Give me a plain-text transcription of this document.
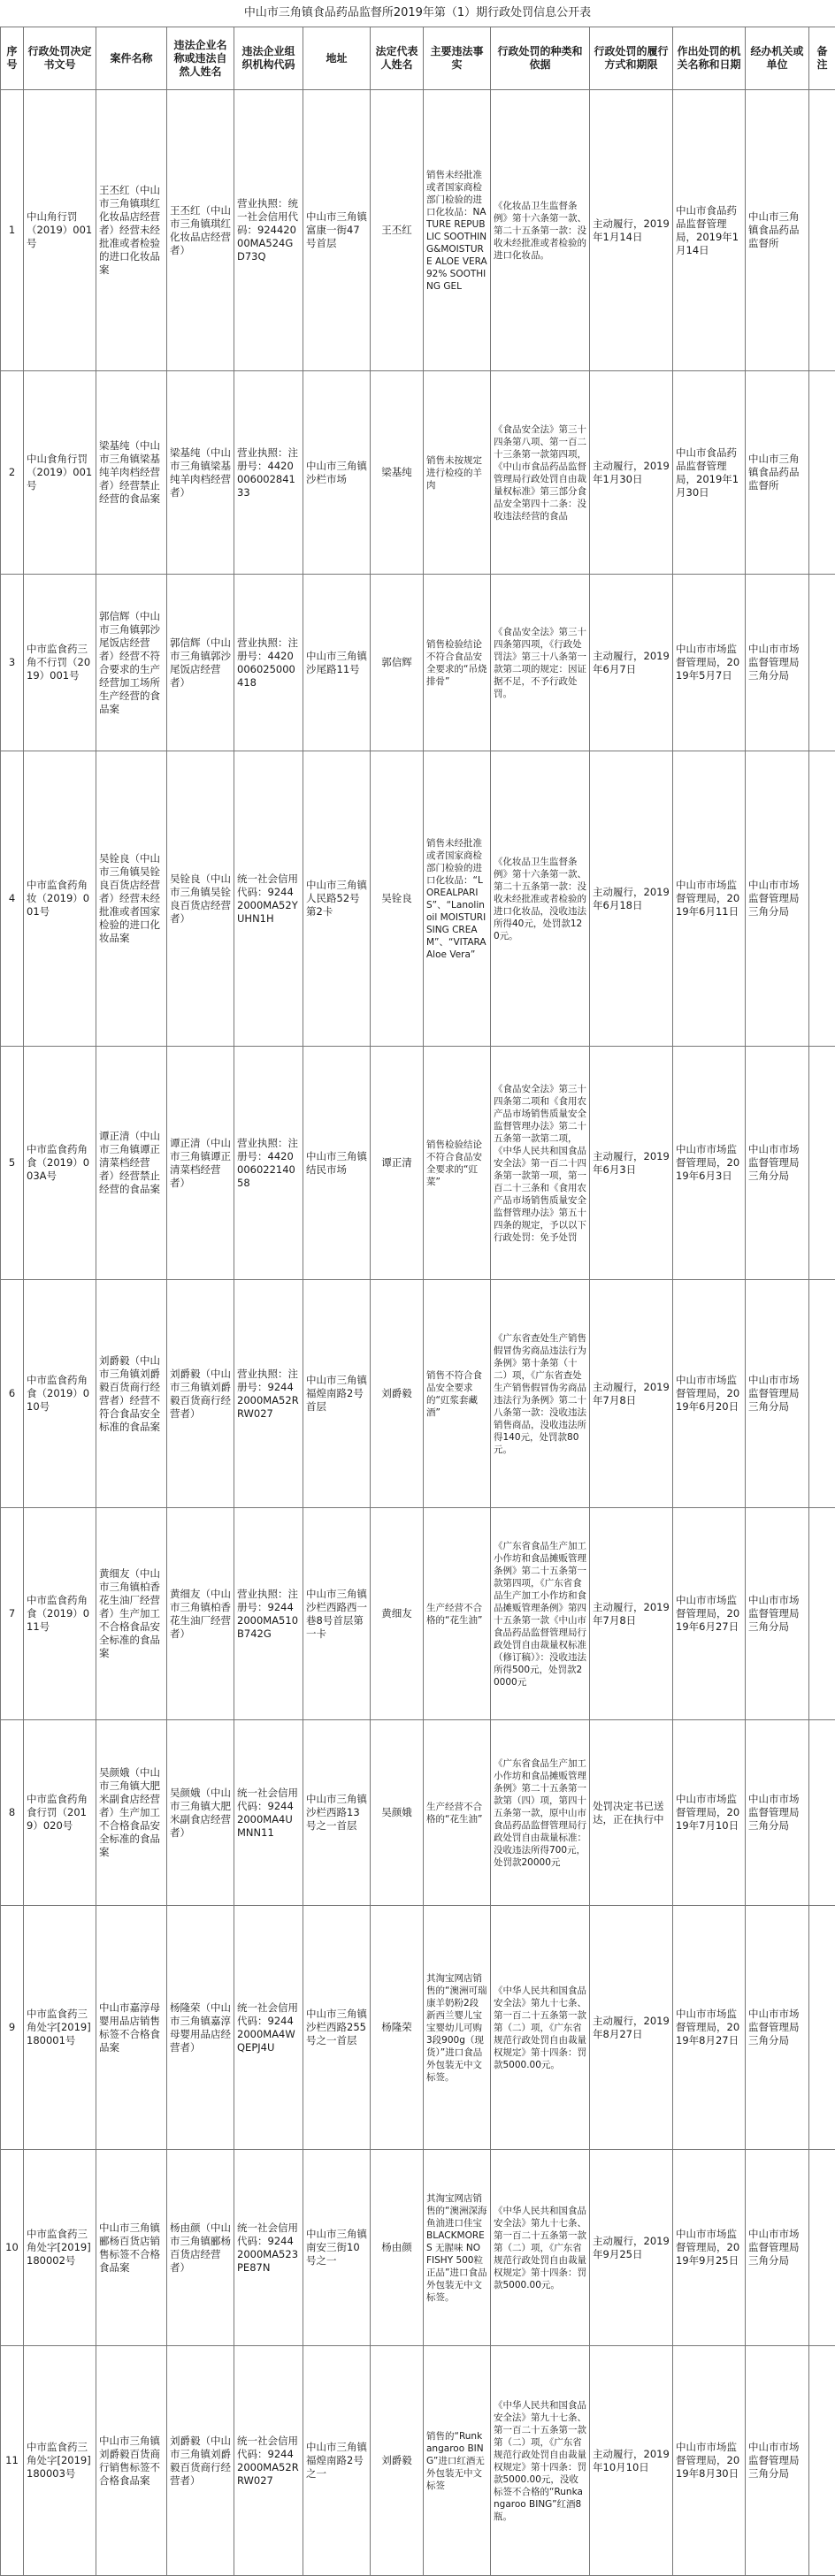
中山市三角镇食品药品监督所2019年第（1）期行政处罚信息公开表
序号	行政处罚决定书文号	案件名称	违法企业名称或违法自然人姓名	违法企业组织机构代码	地址	法定代表人姓名	主要违法事实	行政处罚的种类和依据	行政处罚的履行方式和期限	作出处罚的机关名称和日期	经办机关或单位	备注
1	中山角行罚（2019）001号	王丕红（中山市三角镇琪红化妆品店经营者）经营未经批准或者检验的进口化妆品案	王丕红（中山市三角镇琪红化妆品店经营者）	营业执照：统一社会信用代码：92442000MA524GD73Q	中山市三角镇富康一街47号首层	王丕红	销售未经批准或者国家商检部门检验的进口化妆品：NATURE REPUBLIC SOOTHING&MOISTURE ALOE VERA 92% SOOTHING GEL	《化妆品卫生监督条例》第十六条第一款、第二十五条第一款：没收未经批准或者检验的进口化妆品。	主动履行，2019年1月14日	中山市食品药品监督管理局，2019年1月14日	中山市三角镇食品药品监督所	
2	中山食角行罚（2019）001号	梁基纯（中山市三角镇梁基纯羊肉档经营者）经营禁止经营的食品案	梁基纯（中山市三角镇梁基纯羊肉档经营者）	营业执照：注册号：442000600284133	中山市三角镇沙栏市场	梁基纯	销售未按规定进行检疫的羊肉	《食品安全法》第三十四条第八项、第一百二十三条第一款第四项，《中山市食品药品监督管理局行政处罚自由裁量权标准》第三部分食品安全第四十二条：没收违法经营的食品	主动履行，2019年1月30日	中山市食品药品监督管理局，2019年1月30日	中山市三角镇食品药品监督所	
3	中市监食药三角不行罚（2019）001号	郭信辉（中山市三角镇郭沙尾饭店经营者）经营不符合要求的生产经营加工场所生产经营的食品案	郭信辉（中山市三角镇郭沙尾饭店经营者）	营业执照：注册号：4420006025000418	中山市三角镇沙尾路11号	郭信辉	销售检验结论不符合食品安全要求的“吊烧排骨”	《食品安全法》第三十四条第四项，《行政处罚法》第三十八条第一款第二项的规定：因证据不足，不予行政处罚。	主动履行，2019年6月7日	中山市市场监督管理局，2019年5月7日	中山市市场监督管理局三角分局	
4	中市监食药角妆（2019）001号	吴铨良（中山市三角镇吴铨良百货店经营者）经营未经批准或者国家检验的进口化妆品案	吴铨良（中山市三角镇吴铨良百货店经营者）	统一社会信用代码：92442000MA52YUHN1H	中山市三角镇人民路52号第2卡	吴铨良	销售未经批准或者国家商检部门检验的进口化妆品：“LOREALPARIS”、“Lanolin oil MOISTURISING CREAM”、“VITARA Aloe Vera”	《化妆品卫生监督条例》第十六条第一款、第二十五条第一款：没收未经批准或者检验的进口化妆品，没收违法所得40元，处罚款120元。	主动履行，2019年6月18日	中山市市场监督管理局，2019年6月11日	中山市市场监督管理局三角分局	
5	中市监食药角食（2019）003A号	谭正清（中山市三角镇谭正清菜档经营者）经营禁止经营的食品案	谭正清（中山市三角镇谭正清菜档经营者）	营业执照：注册号：442000602214058	中山市三角镇结民市场	谭正清	销售检验结论不符合食品安全要求的“豇菜”	《食品安全法》第三十四条第二项和《食用农产品市场销售质量安全监督管理办法》第二十五条第一款第二项，《中华人民共和国食品安全法》第一百二十四条第一款第一项，第一百二十三条和《食用农产品市场销售质量安全监督管理办法》第五十四条的规定，予以以下行政处罚：免予处罚	主动履行，2019年6月3日	中山市市场监督管理局，2019年6月3日	中山市市场监督管理局三角分局	
6	中市监食药角食（2019）010号	刘爵毅（中山市三角镇刘爵毅百货商行经营者）经营不符合食品安全标准的食品案	刘爵毅（中山市三角镇刘爵毅百货商行经营者）	营业执照：注册号：92442000MA52RRW027	中山市三角镇福煌南路2号首层	刘爵毅	销售不符合食品安全要求的“豇浆套藏酒”	《广东省查处生产销售假冒伪劣商品违法行为条例》第十条第（十二）项，《广东省查处生产销售假冒伪劣商品违法行为条例》第二十八条第一款：没收违法销售商品，没收违法所得140元，处罚款80元。	主动履行，2019年7月8日	中山市市场监督管理局，2019年6月20日	中山市市场监督管理局三角分局	
7	中市监食药角食（2019）011号	黄细友（中山市三角镇柏香花生油厂经营者）生产加工不合格食品安全标准的食品案	黄细友（中山市三角镇柏香花生油厂经营者）	营业执照：注册号：92442000MA510B742G	中山市三角镇沙栏西路西一巷8号首层第一卡	黄细友	生产经营不合格的“花生油”	《广东省食品生产加工小作坊和食品摊贩管理条例》第二十五条第一款第四项，《广东省食品生产加工小作坊和食品摊贩管理条例》第四十五条第一款《中山市食品药品监督管理局行政处罚自由裁量权标准（修订稿）》：没收违法所得500元，处罚款20000元	主动履行，2019年7月8日	中山市市场监督管理局，2019年6月27日	中山市市场监督管理局三角分局	
8	中市监食药角食行罚（2019）020号	吴颜娥（中山市三角镇大肥米副食店经营者）生产加工不合格食品安全标准的食品案	吴颜娥（中山市三角镇大肥米副食店经营者）	统一社会信用代码：92442000MA4UMNN11	中山市三角镇沙栏西路13号之一首层	吴颜娥	生产经营不合格的“花生油”	《广东省食品生产加工小作坊和食品摊贩管理条例》第二十五条第一款第（四）项，第四十五条第一款，原中山市食品药品监督管理局行政处罚自由裁量标准：没收违法所得700元，处罚款20000元	处罚决定书已送达，正在执行中	中山市市场监督管理局，2019年7月10日	中山市市场监督管理局三角分局	
9	中市监食药三角处字[2019]180001号	中山市嘉淳母婴用品店销售标签不合格食品案	杨隆荣（中山市三角镇嘉淳母婴用品店经营者）	统一社会信用代码：92442000MA4WQEPJ4U	中山市三角镇沙栏西路255号之一首层	杨隆荣	其淘宝网店销售的“澳洲可瑞康羊奶粉2段新西兰婴儿宝宝婴幼儿可购3段900g（现货）”进口食品外包装无中文标签。	《中华人民共和国食品安全法》第九十七条、第一百二十五条第一款第（二）项，《广东省规范行政处罚自由裁量权规定》第十四条：罚款5000.00元。	主动履行，2019年8月27日	中山市市场监督管理局，2019年8月27日	中山市市场监督管理局三角分局	
10	中市监食药三角处字[2019]180002号	中山市三角镇郦杨百货店销售标签不合格食品案	杨由颜（中山市三角镇郦杨百货店经营者）	统一社会信用代码：92442000MA523PE87N	中山市三角镇南安三街10号之一	杨由颜	其淘宝网店销售的“澳洲深海鱼油进口佳宝BLACKMORES 无腥味 NO FISHY 500粒 正品”进口食品外包装无中文标签。	《中华人民共和国食品安全法》第九十七条、第一百二十五条第一款第（二）项，《广东省规范行政处罚自由裁量权规定》第十四条：罚款5000.00元。	主动履行，2019年9月25日	中山市市场监督管理局，2019年9月25日	中山市市场监督管理局三角分局	
11	中市监食药三角处字[2019]180003号	中山市三角镇刘爵毅百货商行销售标签不合格食品案	刘爵毅（中山市三角镇刘爵毅百货商行经营者）	统一社会信用代码：92442000MA52RRW027	中山市三角镇福煌南路2号之一	刘爵毅	销售的“Runkangaroo BING”进口红酒无外包装无中文标签	《中华人民共和国食品安全法》第九十七条、第一百二十五条第一款第（二）项，《广东省规范行政处罚自由裁量权规定》第十四条：罚款5000.00元，没收标签不合格的“Runkangaroo BING”红酒8瓶。	主动履行，2019年10月10日	中山市市场监督管理局，2019年8月30日	中山市市场监督管理局三角分局	
